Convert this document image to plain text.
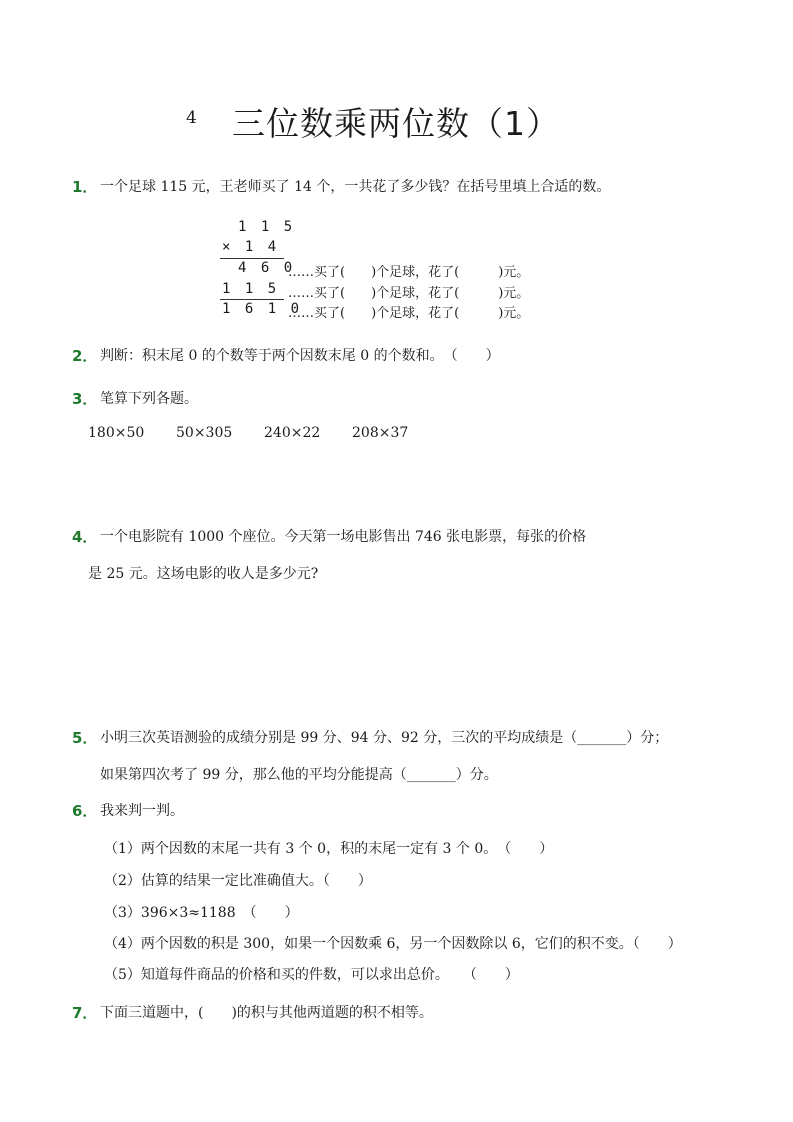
4 三位数乘两位数（1）
1． 一个足球 115 元，王老师买了 14 个，一共花了多少钱？在括号里填上合适的数。
1 1 5
× 1 4
4 6 0
1 1 5
1 6 1 0
……买了(　　)个足球，花了(　　　)元。
……买了(　　)个足球，花了(　　　)元。
……买了(　　)个足球，花了(　　　)元。
2． 判断：积末尾 0 的个数等于两个因数末尾 0 的个数和。　（　　）
3． 笔算下列各题。
180×50 50×305 240×22 208×37
4． 一个电影院有 1000 个座位。今天第一场电影售出 746 张电影票，每张的价格
是 25 元。这场电影的收人是多少元?
5． 小明三次英语测验的成绩分别是 99 分、94 分、92 分，三次的平均成绩是（_______）分；
如果第四次考了 99 分，那么他的平均分能提高（_______）分。
6． 我来判一判。
（1）两个因数的末尾一共有 3 个 0，积的末尾一定有 3 个 0。　（　　）
（2）估算的结果一定比准确值大。（　　）
（3）396×3≈1188　（　　）
（4）两个因数的积是 300，如果一个因数乘 6，另一个因数除以 6，它们的积不变。（　　）
（5）知道每件商品的价格和买的件数，可以求出总价。　　（　　）
7． 下面三道题中，(　　)的积与其他两道题的积不相等。
